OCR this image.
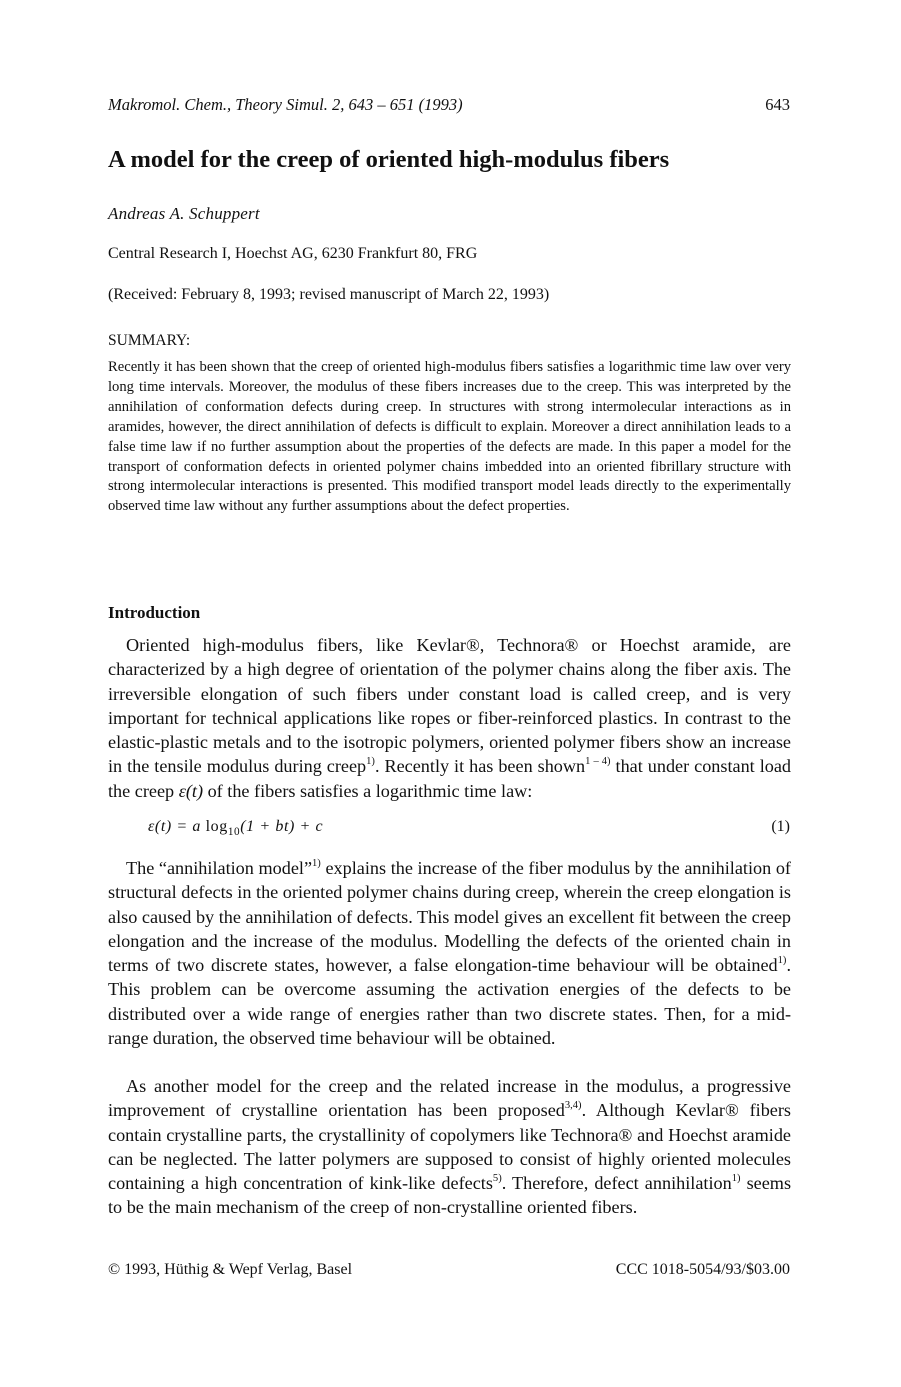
Makromol. Chem., Theory Simul. 2, 643 – 651 (1993)	643
A model for the creep of oriented high-modulus fibers
Andreas A. Schuppert
Central Research I, Hoechst AG, 6230 Frankfurt 80, FRG
(Received: February 8, 1993; revised manuscript of March 22, 1993)
SUMMARY:

Recently it has been shown that the creep of oriented high-modulus fibers satisfies a logarithmic time law over very long time intervals. Moreover, the modulus of these fibers increases due to the creep. This was interpreted by the annihilation of conformation defects during creep. In structures with strong intermolecular interactions as in aramides, however, the direct annihilation of defects is difficult to explain. Moreover a direct annihilation leads to a false time law if no further assumption about the properties of the defects are made. In this paper a model for the transport of conformation defects in oriented polymer chains imbedded into an oriented fibrillary structure with strong intermolecular interactions is presented. This modified transport model leads directly to the experimentally observed time law without any further assumptions about the defect properties.

Introduction

Oriented high-modulus fibers, like Kevlar®, Technora® or Hoechst aramide, are characterized by a high degree of orientation of the polymer chains along the fiber axis. The irreversible elongation of such fibers under constant load is called creep, and is very important for technical applications like ropes or fiber-reinforced plastics. In contrast to the elastic-plastic metals and to the isotropic polymers, oriented polymer fibers show an increase in the tensile modulus during creep$^{1)}$. Recently it has been shown$^{1 - 4)}$ that under constant load the creep ε(t) of the fibers satisfies a logarithmic time law:

ε(t) = a $\log_{10}(1 + bt) + c$	(1)

The “annihilation model”$^{1)}$ explains the increase of the fiber modulus by the annihilation of structural defects in the oriented polymer chains during creep, wherein the creep elongation is also caused by the annihilation of defects. This model gives an excellent fit between the creep elongation and the increase of the modulus. Modelling the defects of the oriented chain in terms of two discrete states, however, a false elongation-time behaviour will be obtained$^{1)}$. This problem can be overcome assuming the activation energies of the defects to be distributed over a wide range of energies rather than two discrete states. Then, for a mid-range duration, the observed time behaviour will be obtained.

As another model for the creep and the related increase in the modulus, a progressive improvement of crystalline orientation has been proposed$^{3,4)}$. Although Kevlar® fibers contain crystalline parts, the crystallinity of copolymers like Technora® and Hoechst aramide can be neglected. The latter polymers are supposed to consist of highly oriented molecules containing a high concentration of kink-like defects$^{5)}$. Therefore, defect annihilation$^{1)}$ seems to be the main mechanism of the creep of non-crystalline oriented fibers.

© 1993, Hüthig & Wepf Verlag, Basel	CCC 1018-5054/93/$03.00
